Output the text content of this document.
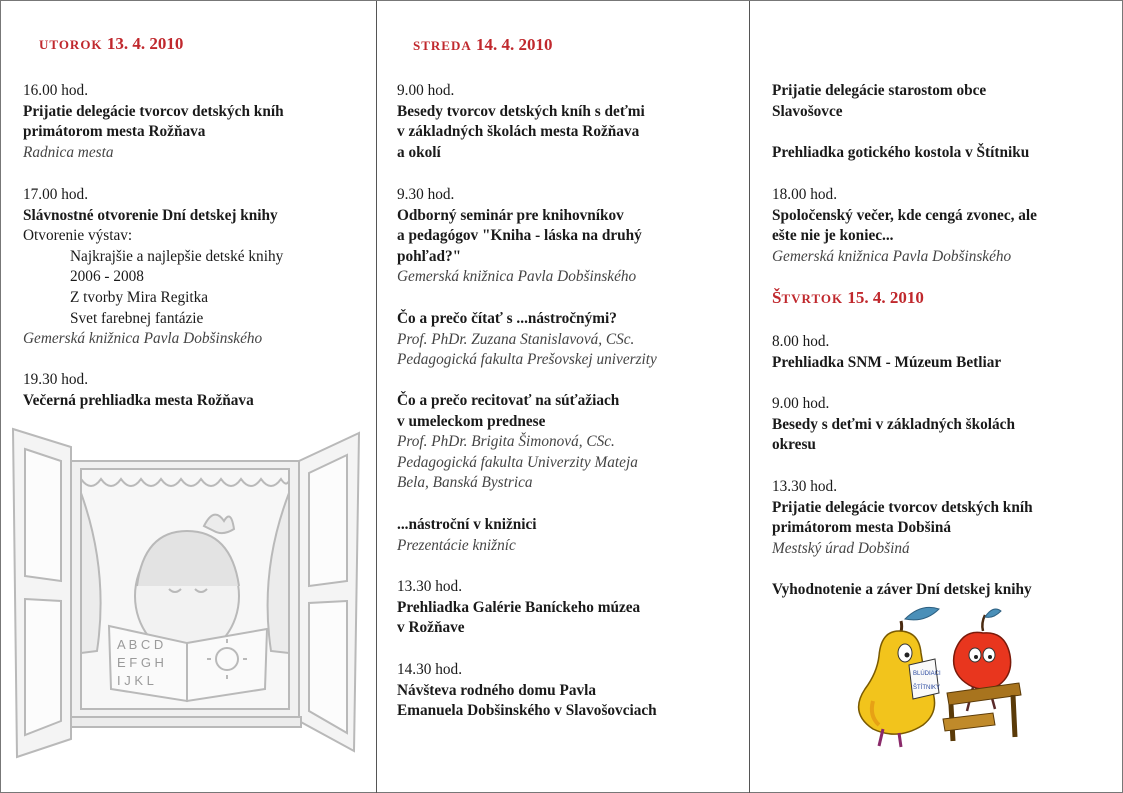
UTOROK 13. 4. 2010
16.00 hod.
Prijatie delegácie tvorcov detských kníh
primátorom mesta Rožňava
Radnica mesta
17.00 hod.
Slávnostné otvorenie Dní detskej knihy
Otvorenie výstav:
Najkrajšie a najlepšie detské knihy
2006 - 2008
Z tvorby Mira Regitka
Svet farebnej fantázie
Gemerská knižnica Pavla Dobšinského
19.30 hod.
Večerná prehliadka mesta Rožňava
A B C D
E F G H
I J K L
STREDA 14. 4. 2010
9.00 hod.
Besedy tvorcov detských kníh s deťmi
v základných školách mesta Rožňava
a okolí
9.30 hod.
Odborný seminár pre knihovníkov
a pedagógov "Kniha - láska na druhý
pohľad?"
Gemerská knižnica Pavla Dobšinského
Čo a prečo čítať s ...nástročnými?
Prof. PhDr. Zuzana Stanislavová, CSc.
Pedagogická fakulta Prešovskej univerzity
Čo a prečo recitovať na súťažiach
v umeleckom prednese
Prof. PhDr. Brigita Šimonová, CSc.
Pedagogická fakulta Univerzity Mateja
Bela, Banská Bystrica
...nástroční v knižnici
Prezentácie knižníc
13.30 hod.
Prehliadka Galérie Baníckeho múzea
v Rožňave
14.30 hod.
Návšteva rodného domu Pavla
Emanuela Dobšinského v Slavošovciach
Prijatie delegácie starostom obce
Slavošovce
Prehliadka gotického kostola v Štítniku
18.00 hod.
Spoločenský večer, kde cengá zvonec, ale
ešte nie je koniec...
Gemerská knižnica Pavla Dobšinského
ŠTVRTOK 15. 4. 2010
8.00 hod.
Prehliadka SNM - Múzeum Betliar
9.00 hod.
Besedy s deťmi v základných školách
okresu
13.30 hod.
Prijatie delegácie tvorcov detských kníh
primátorom mesta Dobšiná
Mestský úrad Dobšiná
Vyhodnotenie a záver Dní detskej knihy
BLÚDIACI
ŠTÍTNIKY
